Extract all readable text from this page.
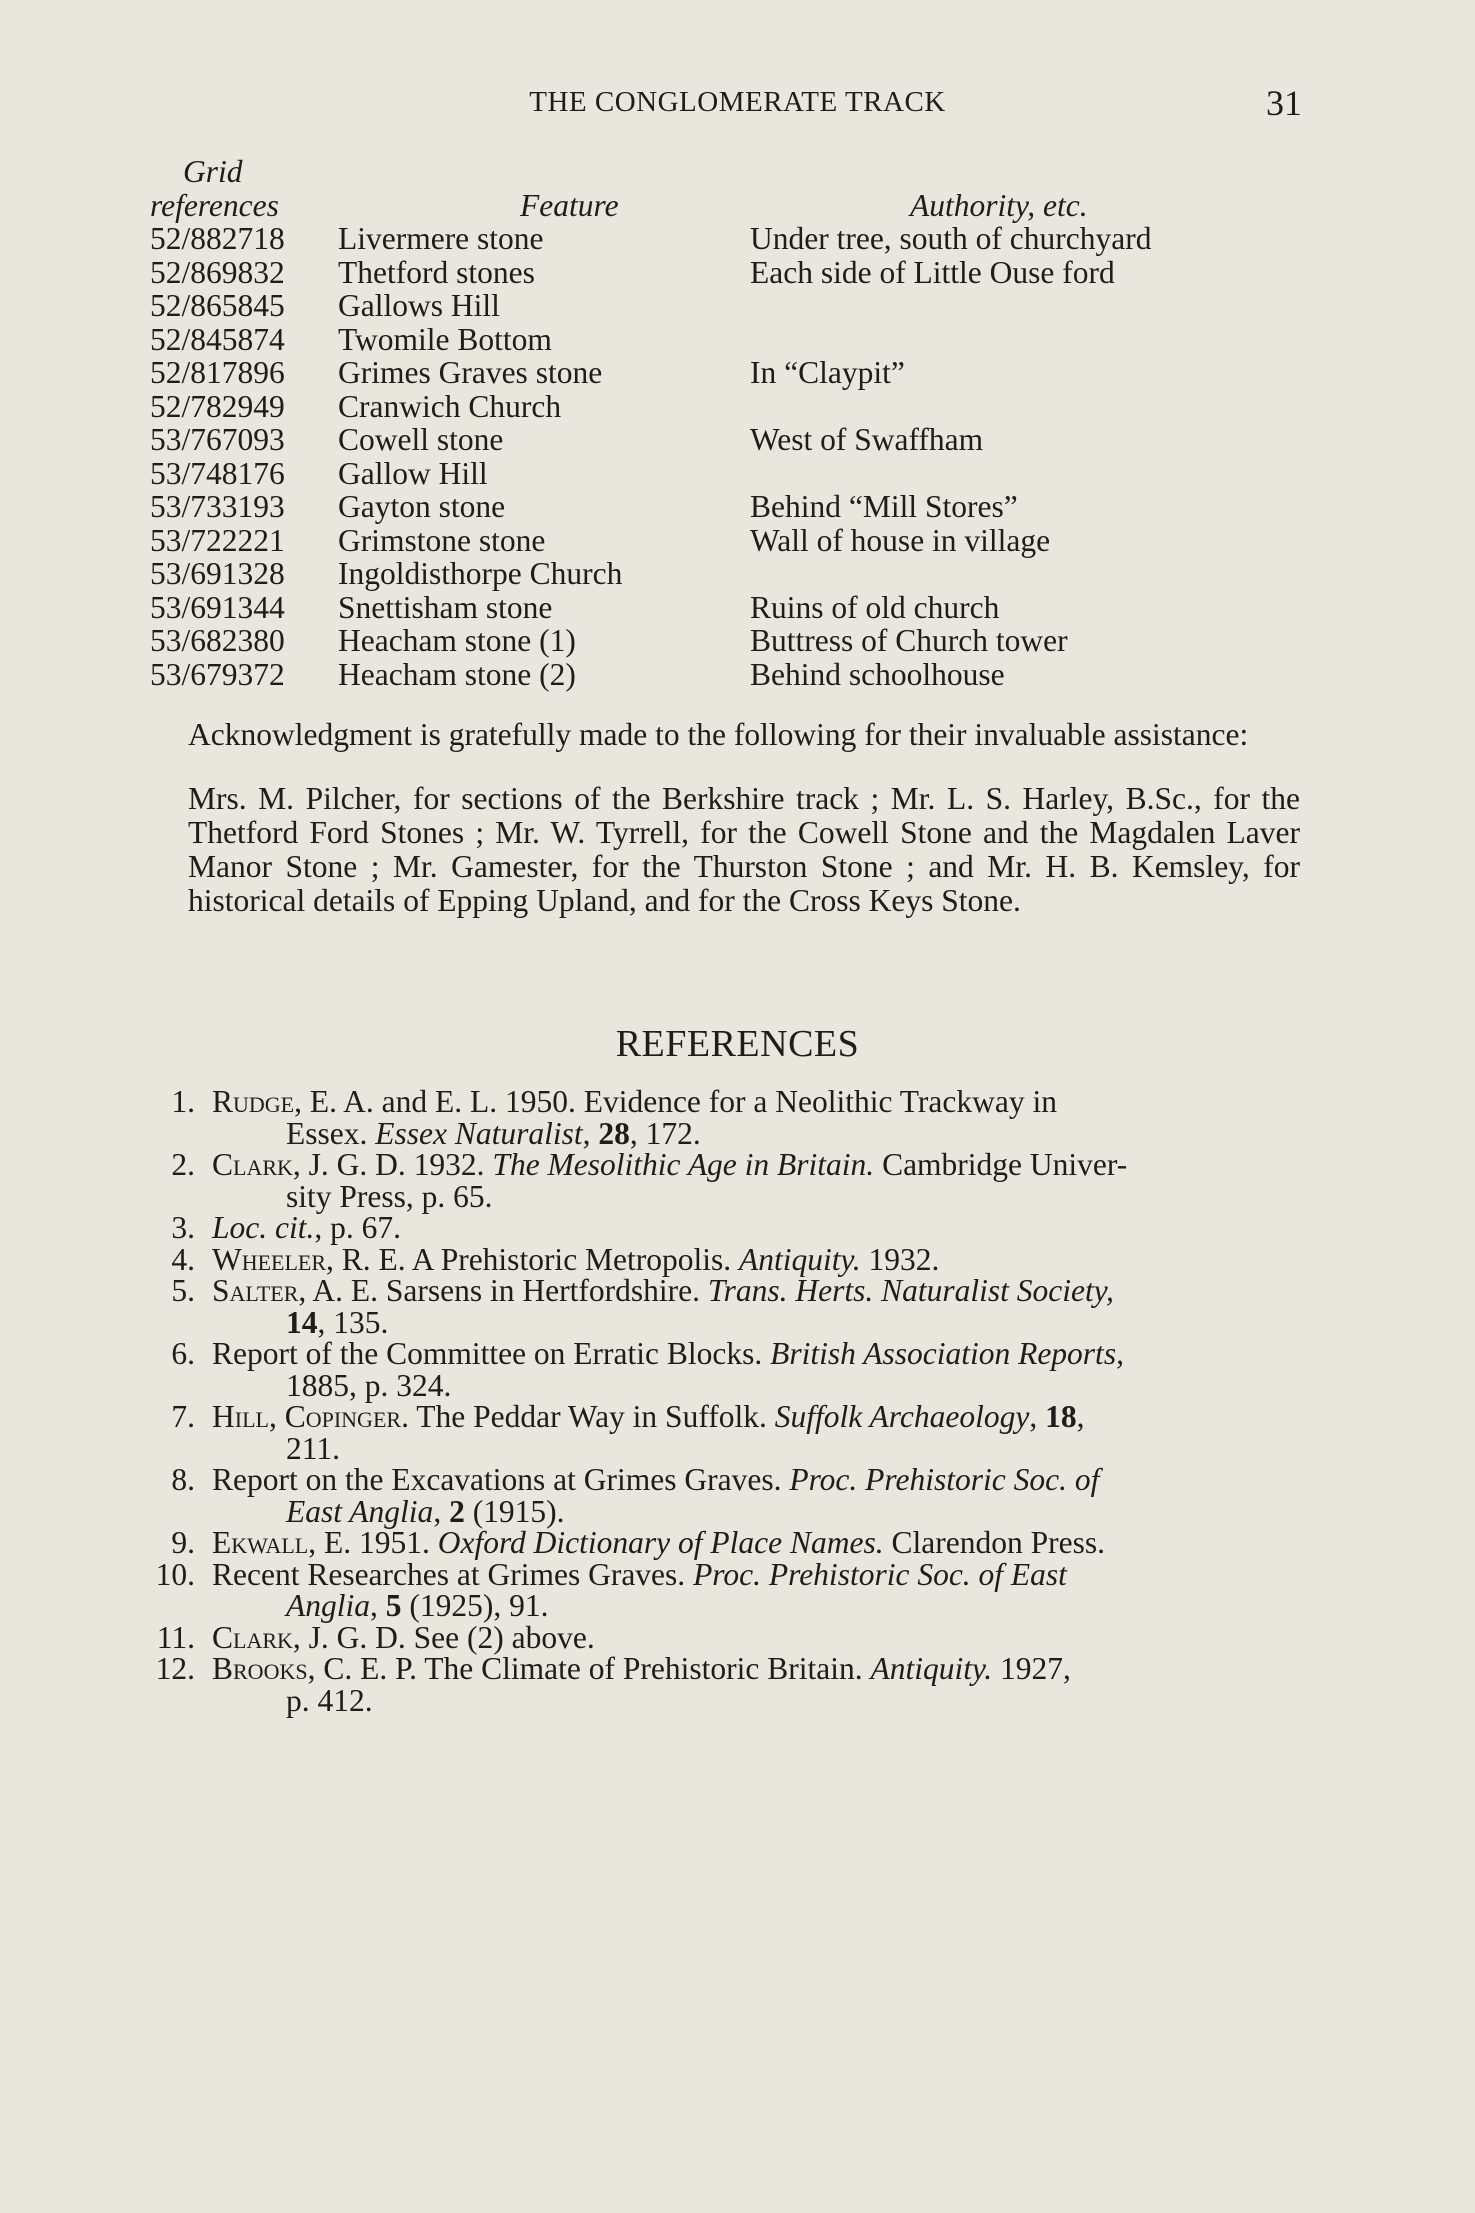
THE CONGLOMERATE TRACK	31
Grid
references	Feature	Authority, etc.
52/882718 Livermere stone	Under tree, south of churchyard
52/869832 Thetford stones	Each side of Little Ouse ford
52/865845 Gallows Hill
52/845874 Twomile Bottom
52/817896 Grimes Graves stone	In “Claypit”
52/782949 Cranwich Church
53/767093 Cowell stone	West of Swaffham
53/748176 Gallow Hill
53/733193 Gayton stone	Behind “Mill Stores”
53/722221 Grimstone stone	Wall of house in village
53/691328 Ingoldisthorpe Church
53/691344 Snettisham stone	Ruins of old church
53/682380 Heacham stone (1)	Buttress of Church tower
53/679372 Heacham stone (2)	Behind schoolhouse

Acknowledgment is gratefully made to the following for their invaluable assistance:

Mrs. M. Pilcher, for sections of the Berkshire track ; Mr. L. S. Harley, B.Sc., for the Thetford Ford Stones ; Mr. W. Tyrrell, for the Cowell Stone and the Magdalen Laver Manor Stone ; Mr. Gamester, for the Thurston Stone ; and Mr. H. B. Kemsley, for historical details of Epping Upland, and for the Cross Keys Stone.
REFERENCES
1. Rudge, E. A. and E. L. 1950. Evidence for a Neolithic Trackway in
Essex. Essex Naturalist, 28, 172.
2. Clark, J. G. D. 1932. The Mesolithic Age in Britain. Cambridge Univer-
sity Press, p. 65.
3. Loc. cit., p. 67.
4. Wheeler, R. E. A Prehistoric Metropolis. Antiquity. 1932.
5. Salter, A. E. Sarsens in Hertfordshire. Trans. Herts. Naturalist Society,
14, 135.
6. Report of the Committee on Erratic Blocks. British Association Reports,
1885, p. 324.
7. Hill, Copinger. The Peddar Way in Suffolk. Suffolk Archaeology, 18,
211.
8. Report on the Excavations at Grimes Graves. Proc. Prehistoric Soc. of
East Anglia, 2 (1915).
9. Ekwall, E. 1951. Oxford Dictionary of Place Names. Clarendon Press.
10. Recent Researches at Grimes Graves. Proc. Prehistoric Soc. of East
Anglia, 5 (1925), 91.
11. Clark, J. G. D. See (2) above.
12. Brooks, C. E. P. The Climate of Prehistoric Britain. Antiquity. 1927,
p. 412.
